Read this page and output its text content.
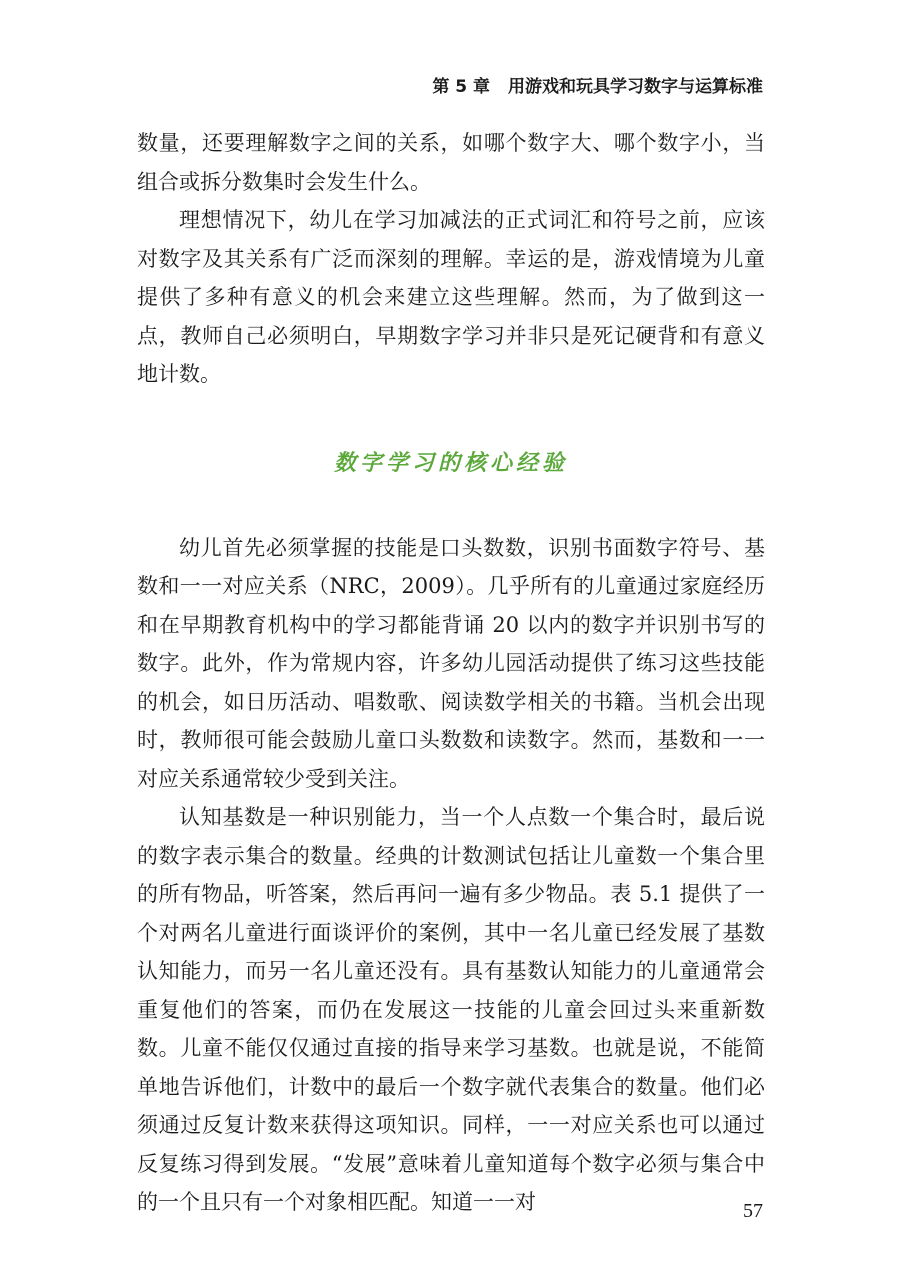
第 5 章 用游戏和玩具学习数字与运算标准

数量，还要理解数字之间的关系，如哪个数字大、哪个数字小，当组合或拆分数集时会发生什么。

理想情况下，幼儿在学习加减法的正式词汇和符号之前，应该对数字及其关系有广泛而深刻的理解。幸运的是，游戏情境为儿童提供了多种有意义的机会来建立这些理解。然而，为了做到这一点，教师自己必须明白，早期数字学习并非只是死记硬背和有意义地计数。

数字学习的核心经验

幼儿首先必须掌握的技能是口头数数，识别书面数字符号、基数和一一对应关系（NRC，2009）。几乎所有的儿童通过家庭经历和在早期教育机构中的学习都能背诵 20 以内的数字并识别书写的数字。此外，作为常规内容，许多幼儿园活动提供了练习这些技能的机会，如日历活动、唱数歌、阅读数学相关的书籍。当机会出现时，教师很可能会鼓励儿童口头数数和读数字。然而，基数和一一对应关系通常较少受到关注。

认知基数是一种识别能力，当一个人点数一个集合时，最后说的数字表示集合的数量。经典的计数测试包括让儿童数一个集合里的所有物品，听答案，然后再问一遍有多少物品。表 5.1 提供了一个对两名儿童进行面谈评价的案例，其中一名儿童已经发展了基数认知能力，而另一名儿童还没有。具有基数认知能力的儿童通常会重复他们的答案，而仍在发展这一技能的儿童会回过头来重新数数。儿童不能仅仅通过直接的指导来学习基数。也就是说，不能简单地告诉他们，计数中的最后一个数字就代表集合的数量。他们必须通过反复计数来获得这项知识。同样，一一对应关系也可以通过反复练习得到发展。“发展”意味着儿童知道每个数字必须与集合中的一个且只有一个对象相匹配。知道一一对	57
